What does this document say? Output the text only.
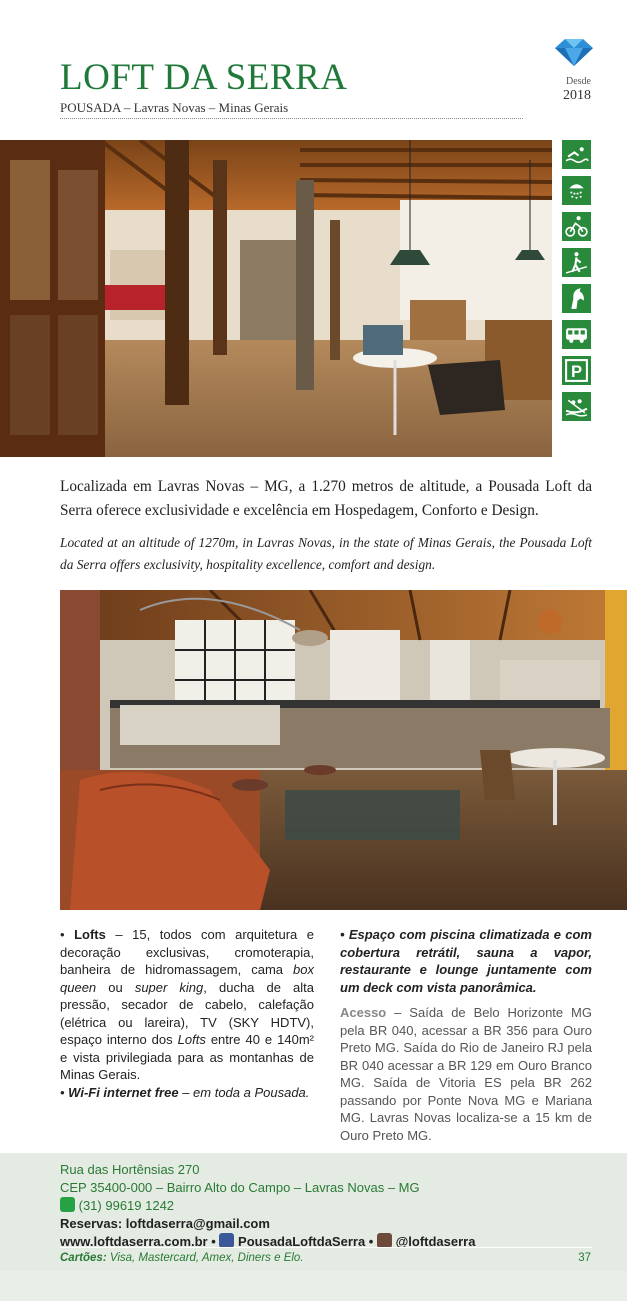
LOFT DA SERRA
POUSADA – Lavras Novas – Minas Gerais
Desde
2018
P
Localizada em Lavras Novas – MG, a 1.270 metros de altitude, a Pousada Loft da Serra oferece exclusividade e excelência em Hospedagem, Conforto e Design.
Located at an altitude of 1270m, in Lavras Novas, in the state of Minas Gerais, the Pousada Loft da Serra offers exclusivity, hospitality excellence, comfort and design.
• Lofts – 15, todos com arquitetura e decoração exclusivas, cromoterapia, banheira de hidromassagem, cama box queen ou super king, ducha de alta pressão, secador de cabelo, calefação (elétrica ou lareira), TV (SKY HDTV), espaço interno dos Lofts entre 40 e 140m² e vista privilegiada para as montanhas de Minas Gerais.
• Wi-Fi internet free – em toda a Pousada.
• Espaço com piscina climatizada e com cobertura retrátil, sauna a vapor, restaurante e lounge juntamente com um deck com vista panorâmica.
Acesso – Saída de Belo Horizonte MG pela BR 040, acessar a BR 356 para Ouro Preto MG. Saída do Rio de Janeiro RJ pela BR 040 acessar a BR 129 em Ouro Branco MG. Saída de Vitoria ES pela BR 262 passando por Ponte Nova MG e Mariana MG. Lavras Novas localiza-se a 15 km de Ouro Preto MG.
Rua das Hortênsias 270
CEP 35400-000 – Bairro Alto do Campo – Lavras Novas – MG
(31) 99619 1242
Reservas: loftdaserra@gmail.com
www.loftdaserra.com.br • PousadaLoftdaSerra • @loftdaserra
Cartões: Visa, Mastercard, Amex, Diners e Elo.	37
